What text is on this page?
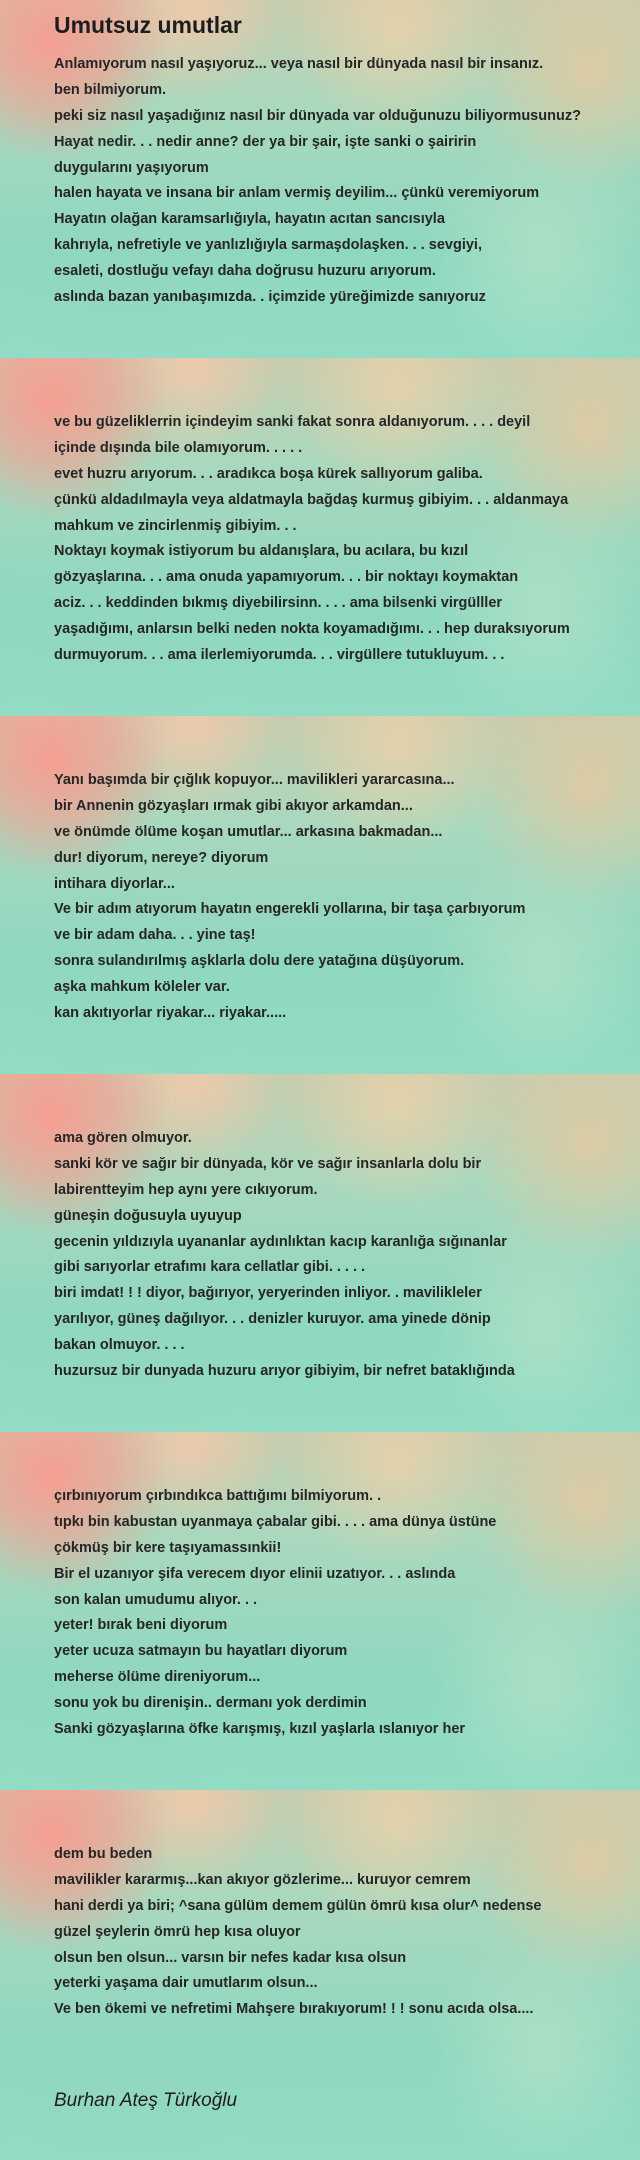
Umutsuz umutlar
Anlamıyorum nasıl yaşıyoruz... veya nasıl bir dünyada nasıl bir insanız.
ben bilmiyorum.
peki siz nasıl yaşadığınız nasıl bir dünyada var olduğunuzu biliyormusunuz?
Hayat nedir. . . nedir anne? der ya bir şair, işte sanki o şairirin
duygularını yaşıyorum
halen hayata ve insana bir anlam vermiş deyilim... çünkü veremiyorum
Hayatın olağan karamsarlığıyla, hayatın acıtan sancısıyla
kahrıyla, nefretiyle ve yanlızlığıyla sarmaşdolaşken. . . sevgiyi,
esaleti, dostluğu vefayı daha doğrusu huzuru arıyorum.
aslında bazan yanıbaşımızda. . içimzide yüreğimizde sanıyoruz
ve bu güzeliklerrin içindeyim sanki fakat sonra aldanıyorum. . . . deyil
içinde dışında bile olamıyorum. . . . .
evet huzru arıyorum. . . aradıkca boşa kürek sallıyorum galiba.
çünkü aldadılmayla veya aldatmayla bağdaş kurmuş gibiyim. . . aldanmaya
mahkum ve zincirlenmiş gibiyim. . .
Noktayı koymak istiyorum bu aldanışlara, bu acılara, bu kızıl
gözyaşlarına. . . ama onuda yapamıyorum. . . bir noktayı koymaktan
aciz. . . keddinden bıkmış diyebilirsinn. . . . ama bilsenki virgülller
yaşadığımı, anlarsın belki neden nokta koyamadığımı. . . hep duraksıyorum
durmuyorum. . . ama ilerlemiyorumda. . . virgüllere tutukluyum. . .
Yanı başımda bir çığlık kopuyor... mavilikleri yararcasına...
bir Annenin gözyaşları ırmak gibi akıyor arkamdan...
ve önümde ölüme koşan umutlar... arkasına bakmadan...
dur! diyorum, nereye? diyorum
intihara diyorlar...
Ve bir adım atıyorum hayatın engerekli yollarına, bir taşa çarbıyorum
ve bir adam daha. . . yine taş!
sonra sulandırılmış aşklarla dolu dere yatağına düşüyorum.
aşka mahkum köleler var.
kan akıtıyorlar riyakar... riyakar.....
ama gören olmuyor.
sanki kör ve sağır bir dünyada, kör ve sağır insanlarla dolu bir
labirentteyim hep aynı yere cıkıyorum.
güneşin doğusuyla uyuyup
gecenin yıldızıyla uyananlar aydınlıktan kacıp karanlığa sığınanlar
gibi sarıyorlar etrafımı kara cellatlar gibi. . . . .
biri imdat! ! ! diyor, bağırıyor, yeryerinden inliyor. . mavilikleler
yarılıyor, güneş dağılıyor. . . denizler kuruyor. ama yinede dönip
bakan olmuyor. . . .
huzursuz bir dunyada huzuru arıyor gibiyim, bir nefret bataklığında
çırbınıyorum çırbındıkca battığımı bilmiyorum. .
tıpkı bin kabustan uyanmaya çabalar gibi. . . . ama dünya üstüne
çökmüş bir kere taşıyamassınkii!
Bir el uzanıyor şifa verecem dıyor elinii uzatıyor. . . aslında
son kalan umudumu alıyor. . .
yeter! bırak beni diyorum
yeter ucuza satmayın bu hayatları diyorum
meherse ölüme direniyorum...
sonu yok bu direnişin.. dermanı yok derdimin
Sanki gözyaşlarına öfke karışmış, kızıl yaşlarla ıslanıyor her
dem bu beden
mavilikler kararmış...kan akıyor gözlerime... kuruyor cemrem
hani derdi ya biri; ^sana gülüm demem gülün ömrü kısa olur^ nedense
güzel şeylerin ömrü hep kısa oluyor
olsun ben olsun... varsın bir nefes kadar kısa olsun
yeterki yaşama dair umutlarım olsun...
Ve ben ökemi ve nefretimi Mahşere bırakıyorum! ! ! sonu acıda olsa....
Burhan Ateş Türkoğlu
